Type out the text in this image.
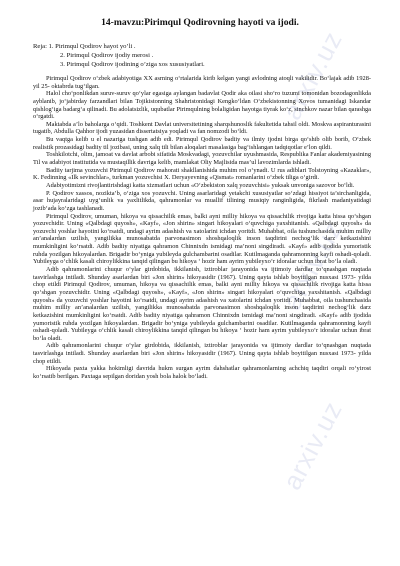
14-mavzu:Pirimqul Qodirovning hayoti va ijodi.
Reja: 1. Pirimqul Qodirov hayot yo’li .
2. Pirimqul Qodirov ijodiy merosi .
3. Pirimqul Qodirov ijodining o’ziga xos xususiyatlari.

Pirimqul Qodirov o‘zbek adabiyotiga XX asrning o‘rtalarida kirib kelgan yangi avlodning atoqli vakilidir. Bo‘lajak adib 1928- yil 25- oktabrda tug‘ilgan.

Halol cho‘ponlikdan suruv-suruv qo‘ylar egasiga aylangan badavlat Qodir aka oilasi sho‘ro tuzumi tomonidan bozodagonlikda ayblanib, jo‘jabirday farzandlari bilan Tojikistonning Shahristonidagi Kengko‘ldan O‘zbekistonning Xovos tumanidagi Iskandar qishlog‘iga badarg‘a qilinadi. Bu adolatsizlik, uqubatlar Pirimqulning bolaligidan hayotga tiyrak ko‘z, sinchkov nazar bilan qarashga o‘rgatdi.

Maktabda a’lo baholarga o‘qidi. Toshkent Davlat universitetining sharqshunoslik fakultetida tahsil oldi. Moskva aspiranturasini tugatib, Abdulla Qahhor ijodi yuzasidan dissertatsiya yoqladi va fan nomzodi bo‘ldi.

Bu vaqtga kelib u el nazariga tushgan adib edi. Pirimqul Qodirov badiiy va ilmiy ijodni birga qo‘shib olib borib, O‘zbek realistik prozasidagi badiiy til jozibasi, uning xalq tili bilan aloqalari masalasiga bag‘ishlangan tadqiqotlar e’lon qildi.

Toshkilotchi, olim, jamoat va davlat arbobi sifatida Moskvadagi, yozuvchilar uyushmasida, Respublika Fanlar akademiyasining Til va adabiyot institutida va mustaqillik davriga kelib, mamlakat Oliy Majlisida mas’ul lavozimlarda ishladi.

Badiiy tarjima yozuvchi Pirimqul Qodirov mahorati shakllanishida muhim rol o‘ynadi. U rus adiblari Tolstoyning «Kazaklar», K. Fedinning «Ilk sevinchlar», turkman yozuvchisi X. Deryayevning «Qismat» romanlarini o‘zbek tiliga o‘girdi.

Adabiyotimizni rivojlantirishdagi katta xizmatlari uchun «O‘zbekiston xalq yozuvchisi» yuksak unvoniga sazovor bo‘ldi.

P. Qodirov xassos, nozikta’b, o‘ziga xos yozuvchi. Uning asarlaridagi yetakchi xususiyatlar so‘zdagi hissiyot ta’sirchanligida, asar hujayralaridagi uyg‘unlik va yaxlitlikda, qahramonlar va muallif tilining musiqiy ranginligida, fikrlash madaniyatidagi jozib‘ada ko‘zga tashlanadi.

Pirimqul Qodirov, umuman, hikoya va qissachilik emas, balki ayni milliy hikoya va qissachilik rivojiga katta hissa qo‘shgan yozuvchidir. Uning «Qalbdagi quyosh», «Kayf», «Jon shirin» singari hikoyalari o‘quvchiga yaxshitanish. «Qalbdagi quyosh» da yozuvchi yoshlar hayotini ko‘rsatdi, undagi ayrim adashish va xatolarini ichdan yoritdi. Muhabbat, oila tushunchasida muhim milliy an’analardan uzilish, yangilikka munosabatda parvonasimon shoshqaloqlik inson taqdirini nechog‘lik darz ketkazishini mumkinligini ko‘rsatdi. Adib badiiy niyatiga qahramon Chinnixdn ismidagi ma’noni singdiradi. «Kayf» adib ijodida yumoristik ruhda yozilgan hikoyalardan. Brigadir bo‘yniga yubileyda gulchambarini osadilar. Kutilmaganda qahramonning kayfi oshadi-qoladi. Yubileyga o‘chlik kasali chiroylikkina tanqid qilingan bu hikoya ‘ hozir ham ayrim yubileyxo‘r idoralar uchun ibrat bo‘la oladi.

Adib qahramonlarini chuqur o‘ylar girdobida, ikkilanish, iztiroblar jarayonida va ijtimoiy dardlar to‘qnashgan nuqtada tasvirlashga intiladi. Shunday asarlardan biri «Jon shirin» hikoyasidir (1967). Uning qayta ishlab boyitilgan nusxasi 1973- yilda chop etildi Pirimqul Qodirov, umuman, hikoya va qissachilik emas, balki ayni milliy hikoya va qissachilik rivojiga katta hissa qo‘shgan yozuvchidir. Uning «Qalbdagi quyosh», «Kayf», «Jon shirin» singari hikoyalari o‘quvchiga yaxshitanish. «Qalbdagi quyosh» da yozuvchi yoshlar hayotini ko‘rsatdi, undagi ayrim adashish va xatolarini ichdan yoritdi. Muhabbat, oila tushunchasida muhim milliy an’analardan uzilish, yangilikka munosabatda parvonasimon shoshqaloqlik inson taqdirini nechog‘lik darz ketkazishini mumkinligini ko‘rsatdi. Adib badiiy niyatiga qahramon Chinnixdn ismidagi ma’noni singdiradi. «Kayf» adib ijodida yumoristik ruhda yozilgan hikoyalardan. Brigadir bo‘yniga yubileyda gulchambarini osadilar. Kutilmaganda qahramonning kayfi oshadi-qoladi. Yubileyga o‘chlik kasali chiroylikkina tanqid qilingan bu hikoya ‘ hozir ham ayrim yubileyxo‘r idoralar uchun ibrat bo‘la oladi.

Adib qahramonlarini chuqur o‘ylar girdobida, ikkilanish, iztiroblar jarayonida va ijtimoiy dardlar to‘qnashgan nuqtada tasvirlashga intiladi. Shunday asarlardan biri «Jon shirin» hikoyasidir (1967). Uning qayta ishlab boyitilgan nusxasi 1973- yilda chop etildi.

Hikoyada paxta yakka hokimligi davrida hukm surgan ayrim dahshatlar qahramonlarning achchiq taqdiri orqali ro‘yirost ko‘rsatib berilgan. Paxtaga sepilgan doridan yosh bola halok bo‘ladi.

arxiv.uz
arxiv.uz
arxiv.uz
